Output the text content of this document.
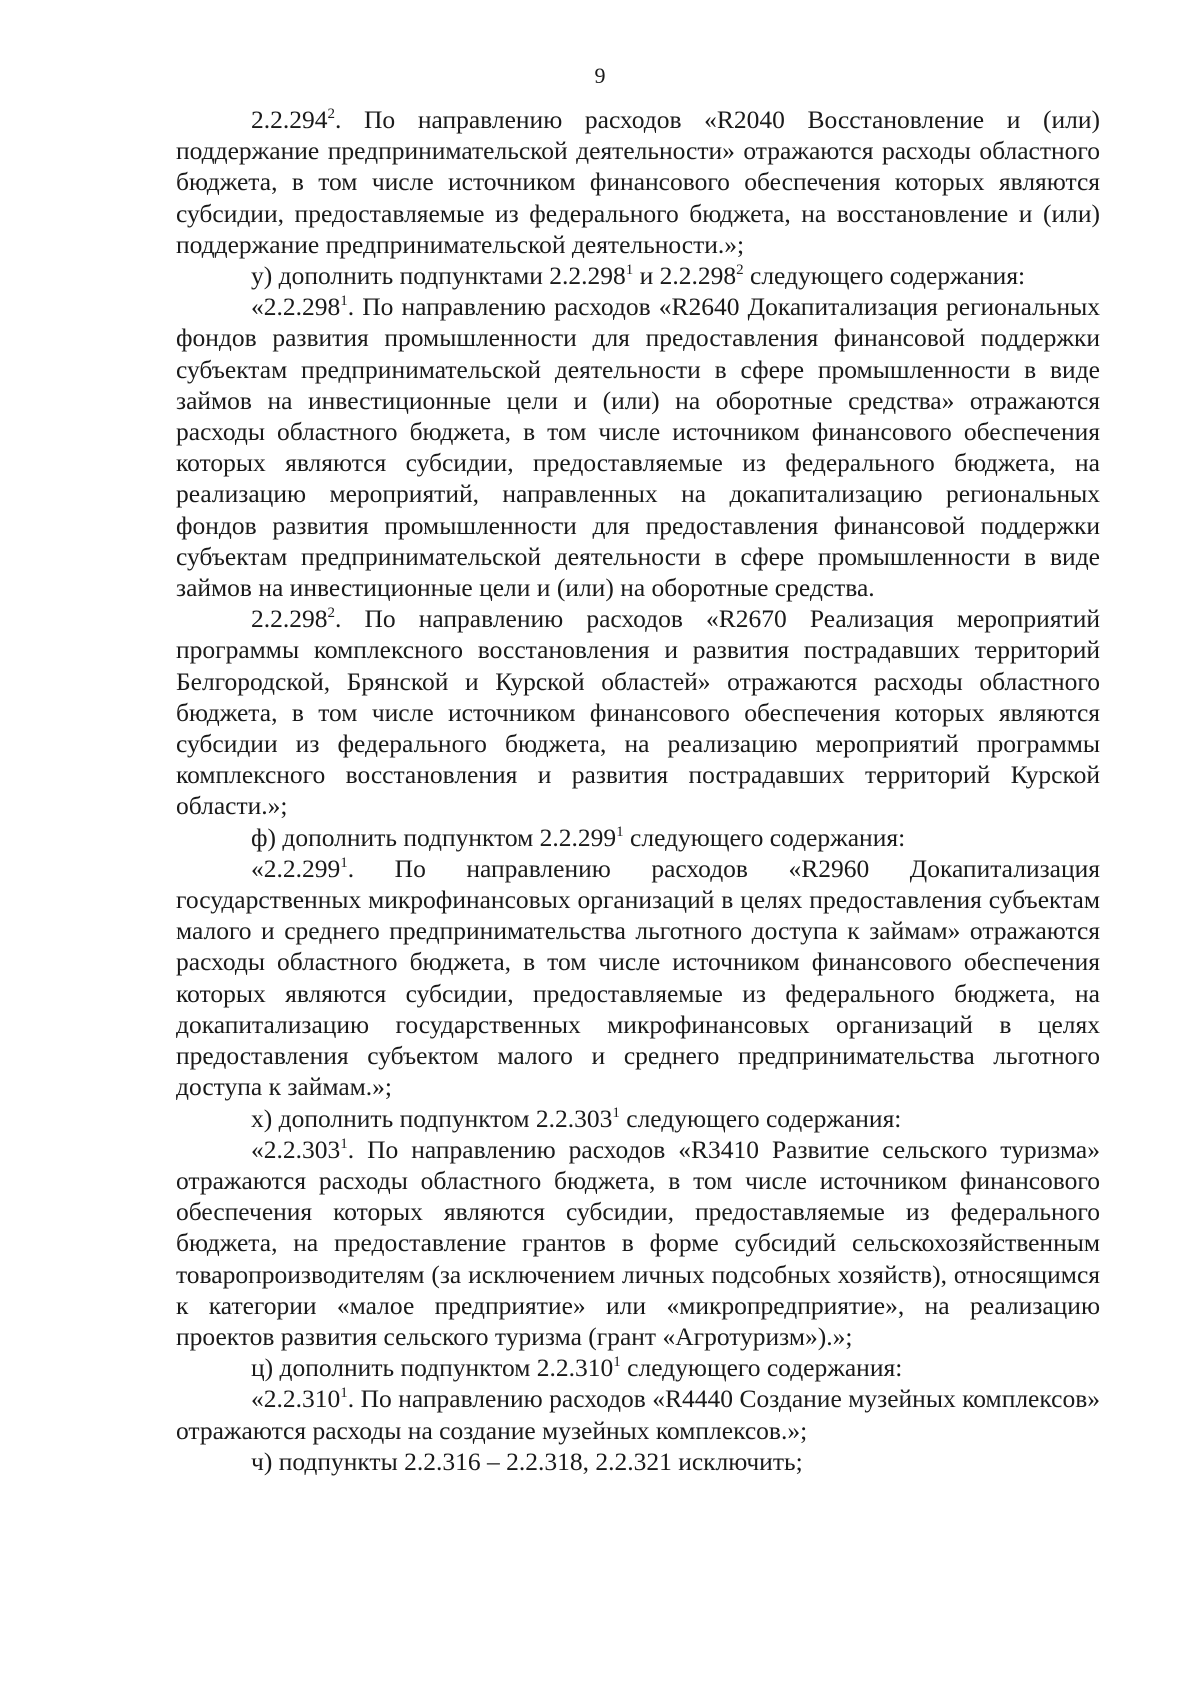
9

2.2.294$^2$. По направлению расходов «R2040 Восстановление и (или) поддержание предпринимательской деятельности» отражаются расходы областного бюджета, в том числе источником финансового обеспечения которых являются субсидии, предоставляемые из федерального бюджета, на восстановление и (или) поддержание предпринимательской деятельности.»;

у) дополнить подпунктами 2.2.298$^1$ и 2.2.298$^2$ следующего содержания:

«2.2.298$^1$. По направлению расходов «R2640 Докапитализация региональных фондов развития промышленности для предоставления финансовой поддержки субъектам предпринимательской деятельности в сфере промышленности в виде займов на инвестиционные цели и (или) на оборотные средства» отражаются расходы областного бюджета, в том числе источником финансового обеспечения которых являются субсидии, предоставляемые из федерального бюджета, на реализацию мероприятий, направленных на докапитализацию региональных фондов развития промышленности для предоставления финансовой поддержки субъектам предпринимательской деятельности в сфере промышленности в виде займов на инвестиционные цели и (или) на оборотные средства.

2.2.298$^2$. По направлению расходов «R2670 Реализация мероприятий программы комплексного восстановления и развития пострадавших территорий Белгородской, Брянской и Курской областей» отражаются расходы областного бюджета, в том числе источником финансового обеспечения которых являются субсидии из федерального бюджета, на реализацию мероприятий программы комплексного восстановления и развития пострадавших территорий Курской области.»;

ф) дополнить подпунктом 2.2.299$^1$ следующего содержания:

«2.2.299$^1$. По направлению расходов «R2960 Докапитализация государственных микрофинансовых организаций в целях предоставления субъектам малого и среднего предпринимательства льготного доступа к займам» отражаются расходы областного бюджета, в том числе источником финансового обеспечения которых являются субсидии, предоставляемые из федерального бюджета, на докапитализацию государственных микрофинансовых организаций в целях предоставления субъектом малого и среднего предпринимательства льготного доступа к займам.»;

х) дополнить подпунктом 2.2.303$^1$ следующего содержания:

«2.2.303$^1$. По направлению расходов «R3410 Развитие сельского туризма» отражаются расходы областного бюджета, в том числе источником финансового обеспечения которых являются субсидии, предоставляемые из федерального бюджета, на предоставление грантов в форме субсидий сельскохозяйственным товаропроизводителям (за исключением личных подсобных хозяйств), относящимся к категории «малое предприятие» или «микропредприятие», на реализацию проектов развития сельского туризма (грант «Агротуризм»).»;

ц) дополнить подпунктом 2.2.310$^1$ следующего содержания:

«2.2.310$^1$. По направлению расходов «R4440 Создание музейных комплексов» отражаются расходы на создание музейных комплексов.»;

ч) подпункты 2.2.316 – 2.2.318, 2.2.321 исключить;
